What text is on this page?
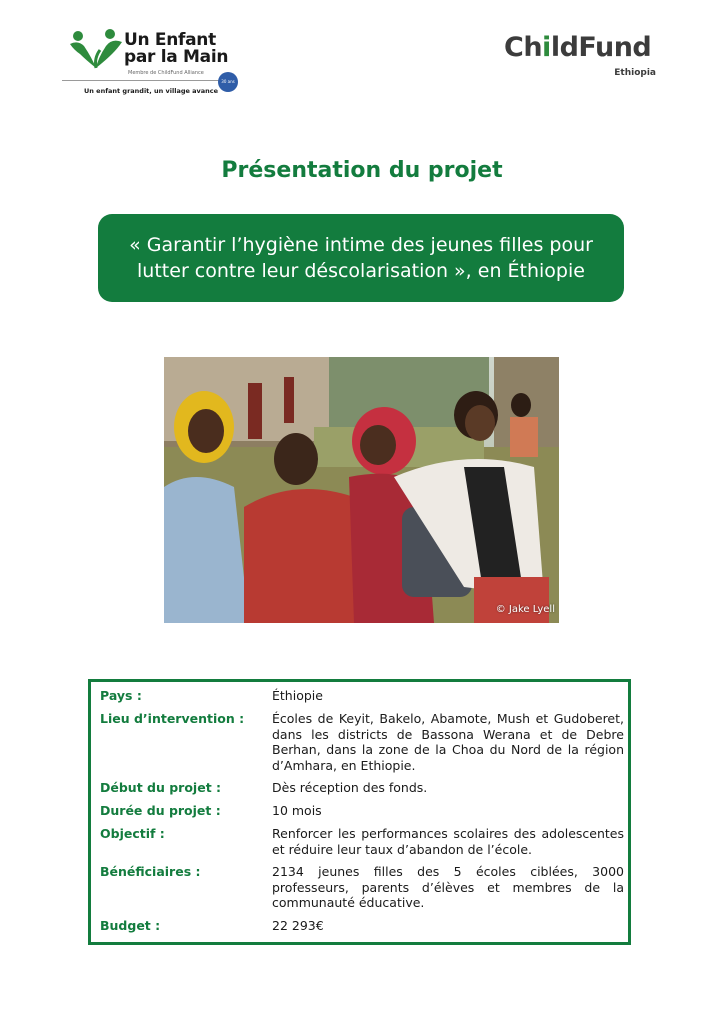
Un Enfant
par la Main
Membre de ChildFund Alliance
30 ans
Un enfant grandit, un village avance
ChildFund
Ethiopia
Présentation du projet
« Garantir l’hygiène intime des jeunes filles pour lutter contre leur déscolarisation », en Éthiopie
© Jake Lyell
Pays :	Éthiopie
Lieu d’intervention : Écoles de Keyit, Bakelo, Abamote, Mush et Gudoberet, dans les districts de Bassona Werana et de Debre Berhan, dans la zone de la Choa du Nord de la région d’Amhara, en Ethiopie.
Début du projet :	Dès réception des fonds.
Durée du projet :	10 mois
Objectif :	Renforcer les performances scolaires des adolescentes et réduire leur taux d’abandon de l’école.
Bénéficiaires :	2134 jeunes filles des 5 écoles ciblées, 3000 professeurs, parents d’élèves et membres de la communauté éducative.
Budget :	22 293€
